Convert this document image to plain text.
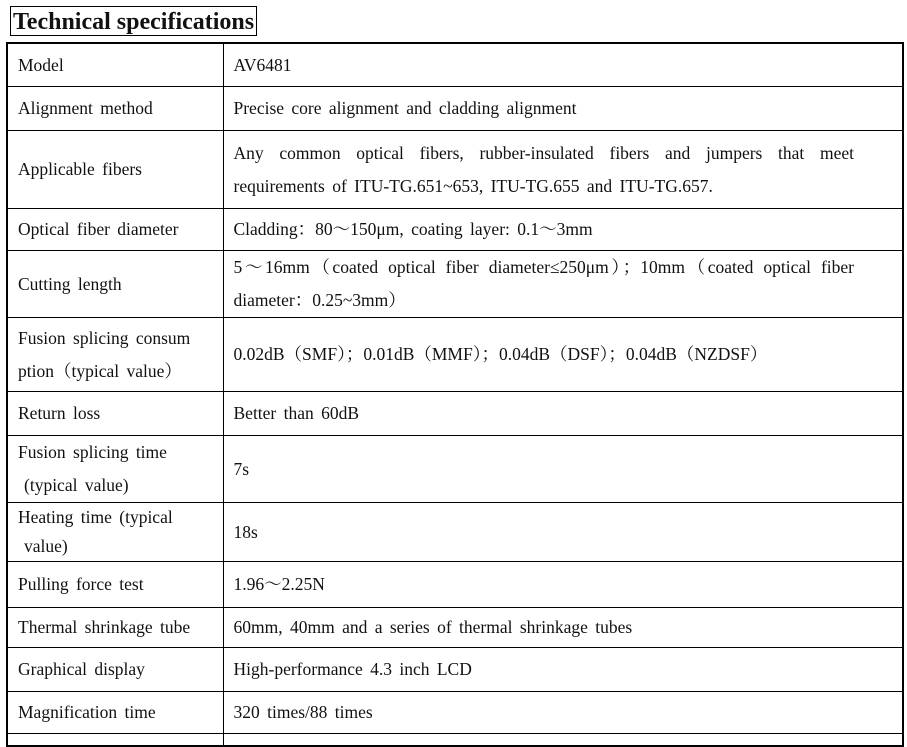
Technical specifications
Model	AV6481
Alignment method	Precise core alignment and cladding alignment
Applicable fibers	Any common optical fibers, rubber-insulated fibers and jumpers that meet requirements of ITU-TG.651~653, ITU-TG.655 and ITU-TG.657.
Optical fiber diameter	Cladding：80～150μm, coating layer: 0.1～3mm
Cutting length	5～16mm（coated optical fiber diameter≤250μm）；10mm（coated optical fiber diameter：0.25~3mm）

Fusion splicing consum
ption（typical value）	0.02dB（SMF）；0.01dB（MMF）；0.04dB（DSF）；0.04dB（NZDSF）
Return loss	Better than 60dB

Fusion splicing time
(typical value)	7s

Heating time (typical
value)	18s
Pulling force test	1.96～2.25N
Thermal shrinkage tube	60mm, 40mm and a series of thermal shrinkage tubes
Graphical display	High-performance 4.3 inch LCD
Magnification time	320 times/88 times
